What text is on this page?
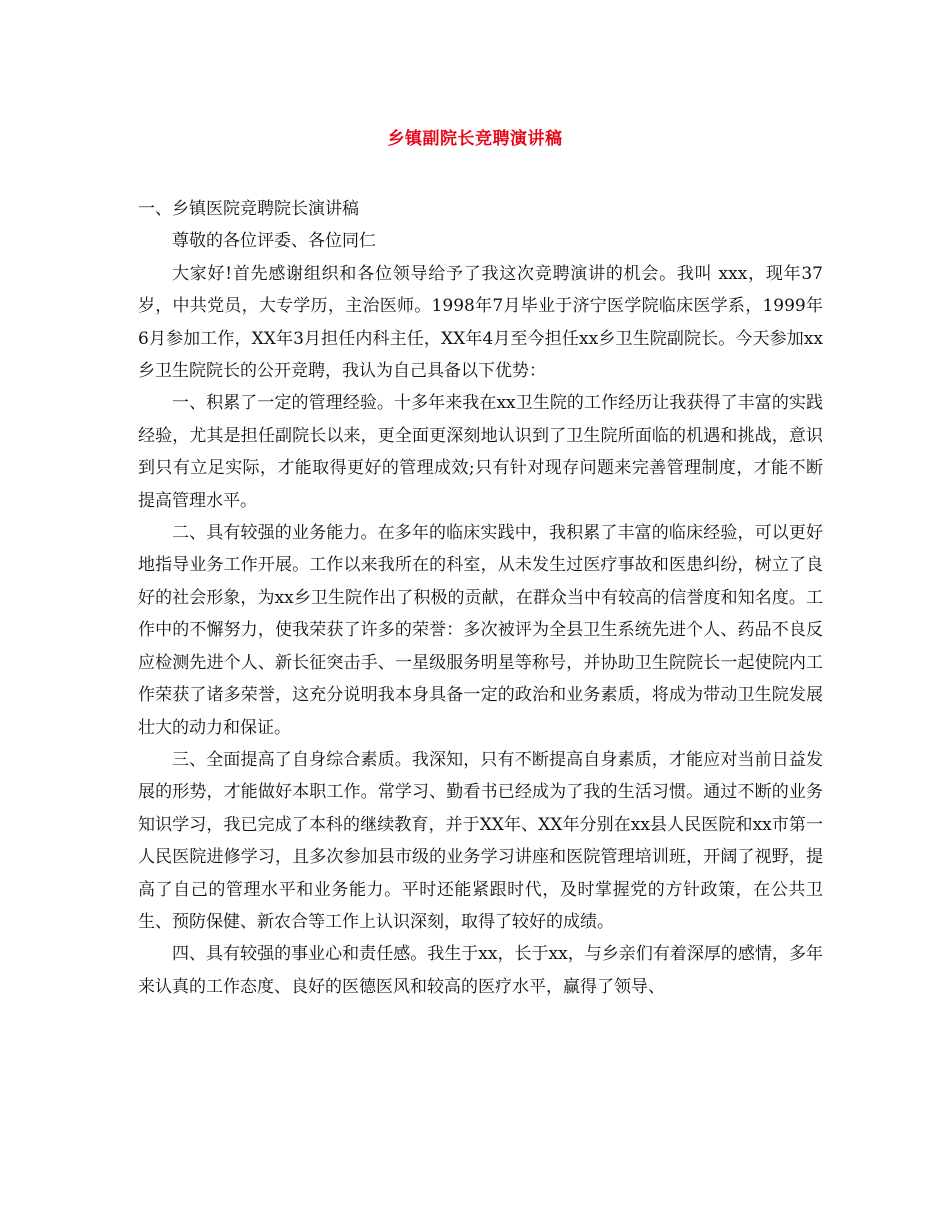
乡镇副院长竞聘演讲稿

一、乡镇医院竞聘院长演讲稿

尊敬的各位评委、各位同仁

大家好!首先感谢组织和各位领导给予了我这次竞聘演讲的机会。我叫 xxx，现年37岁，中共党员，大专学历，主治医师。1998年7月毕业于济宁医学院临床医学系，1999年6月参加工作，XX年3月担任内科主任，XX年4月至今担任xx乡卫生院副院长。今天参加xx乡卫生院院长的公开竞聘，我认为自己具备以下优势：

一、积累了一定的管理经验。十多年来我在xx卫生院的工作经历让我获得了丰富的实践经验，尤其是担任副院长以来，更全面更深刻地认识到了卫生院所面临的机遇和挑战，意识到只有立足实际，才能取得更好的管理成效;只有针对现存问题来完善管理制度，才能不断提高管理水平。

二、具有较强的业务能力。在多年的临床实践中，我积累了丰富的临床经验，可以更好地指导业务工作开展。工作以来我所在的科室，从未发生过医疗事故和医患纠纷，树立了良好的社会形象，为xx乡卫生院作出了积极的贡献，在群众当中有较高的信誉度和知名度。工作中的不懈努力，使我荣获了许多的荣誉：多次被评为全县卫生系统先进个人、药品不良反应检测先进个人、新长征突击手、一星级服务明星等称号，并协助卫生院院长一起使院内工作荣获了诸多荣誉，这充分说明我本身具备一定的政治和业务素质，将成为带动卫生院发展壮大的动力和保证。

三、全面提高了自身综合素质。我深知，只有不断提高自身素质，才能应对当前日益发展的形势，才能做好本职工作。常学习、勤看书已经成为了我的生活习惯。通过不断的业务知识学习，我已完成了本科的继续教育，并于XX年、XX年分别在xx县人民医院和xx市第一人民医院进修学习，且多次参加县市级的业务学习讲座和医院管理培训班，开阔了视野，提高了自己的管理水平和业务能力。平时还能紧跟时代，及时掌握党的方针政策，在公共卫生、预防保健、新农合等工作上认识深刻，取得了较好的成绩。

四、具有较强的事业心和责任感。我生于xx，长于xx，与乡亲们有着深厚的感情，多年来认真的工作态度、良好的医德医风和较高的医疗水平，赢得了领导、
